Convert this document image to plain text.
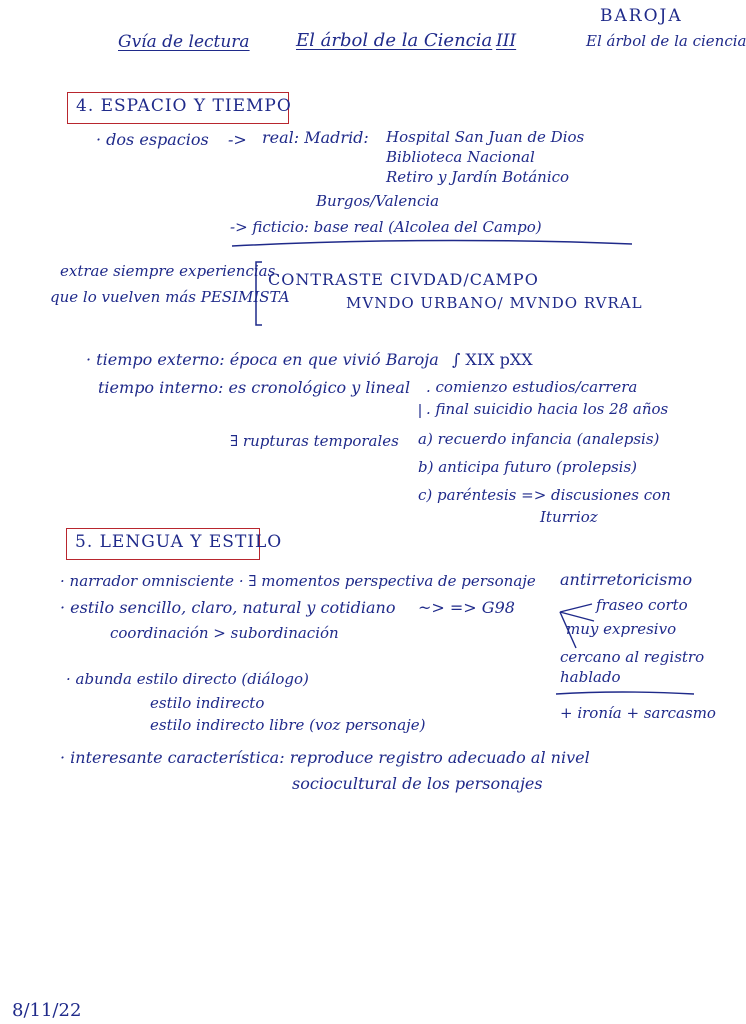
Gvía de lectura	El árbol de la Ciencia III
BAROJA
El árbol de la ciencia
4. ESPACIO Y TIEMPO
· dos espacios -> real: Madrid: Hospital San Juan de Dios
Biblioteca Nacional
Retiro y Jardín Botánico
Burgos/Valencia
-> ficticio: base real (Alcolea del Campo)
extrae siempre experiencias
que lo vuelven más PESIMISTA
CONTRASTE CIVDAD/CAMPO
MVNDO URBANO/ MVNDO RVRAL
· tiempo externo: época en que vivió Baroja ∫ XIX pXX
tiempo interno: es cronológico y lineal . comienzo estudios/carrera
. final suicidio hacia los 28 años
∃ rupturas temporales a) recuerdo infancia (analepsis)
b) anticipa futuro (prolepsis)
c) paréntesis => discusiones con
Iturrioz
5. LENGUA Y ESTILO
· narrador omnisciente · ∃ momentos perspectiva de personaje antirretoricismo
· estilo sencillo, claro, natural y cotidiano ~> => G98
coordinación > subordinación
fraseo corto
muy expresivo
cercano al registro
hablado
+ ironía + sarcasmo
· abunda estilo directo (diálogo)
estilo indirecto
estilo indirecto libre (voz personaje)
· interesante característica: reproduce registro adecuado al nivel
sociocultural de los personajes
8/11/22
